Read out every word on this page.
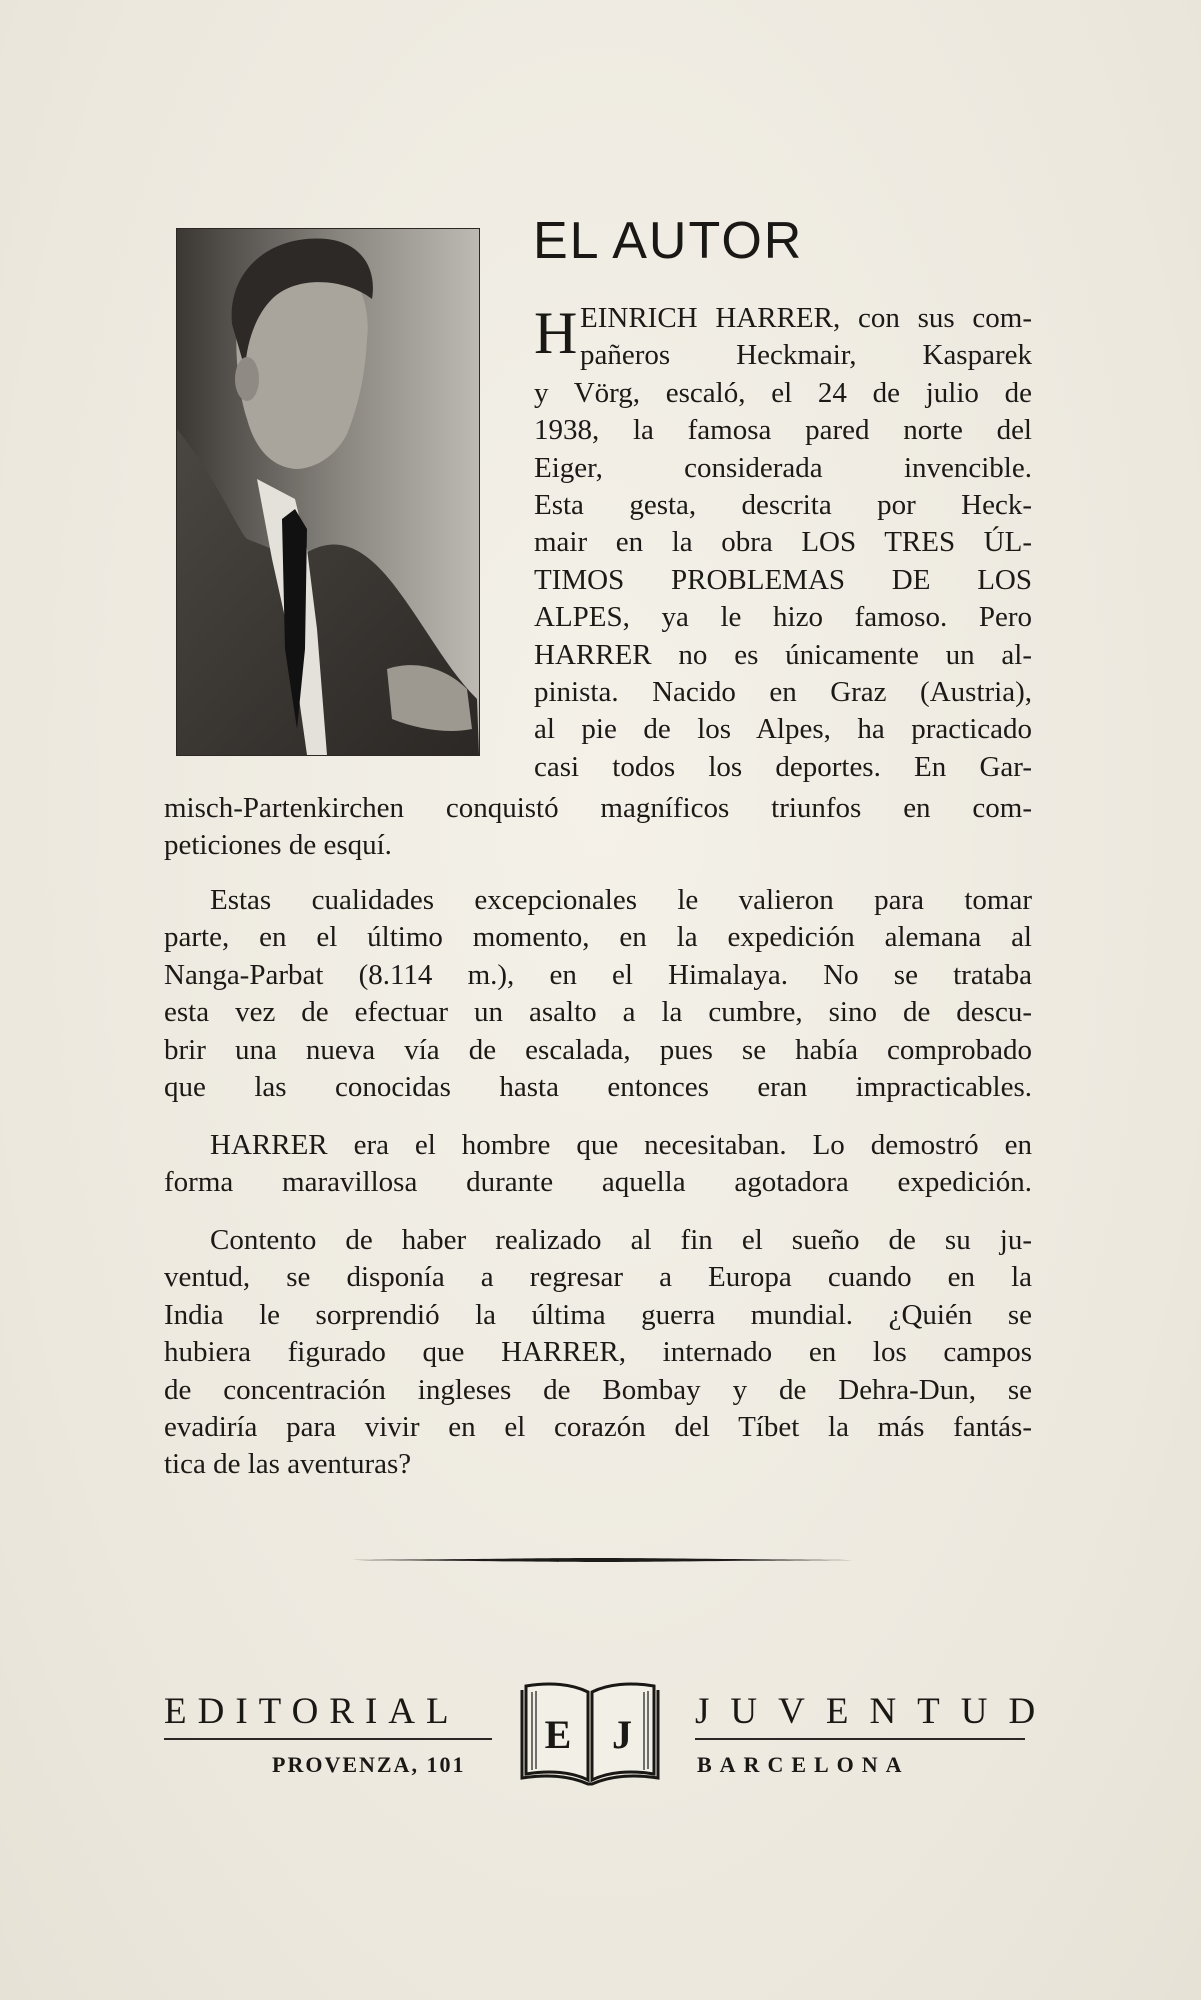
EL AUTOR
H EINRICH HARRER, con sus com-
pañeros Heckmair, Kasparek
y Vörg, escaló, el 24 de julio de
1938, la famosa pared norte del
Eiger, considerada invencible.
Esta gesta, descrita por Heck-
mair en la obra LOS TRES ÚL-
TIMOS PROBLEMAS DE LOS
ALPES, ya le hizo famoso. Pero
HARRER no es únicamente un al-
pinista. Nacido en Graz (Austria),
al pie de los Alpes, ha practicado
casi todos los deportes. En Gar-
misch-Partenkirchen conquistó magníficos triunfos en com-
peticiones de esquí.
Estas cualidades excepcionales le valieron para tomar
parte, en el último momento, en la expedición alemana al
Nanga-Parbat (8.114 m.), en el Himalaya. No se trataba
esta vez de efectuar un asalto a la cumbre, sino de descu-
brir una nueva vía de escalada, pues se había comprobado
que las conocidas hasta entonces eran impracticables.
HARRER era el hombre que necesitaban. Lo demostró en
forma maravillosa durante aquella agotadora expedición.
Contento de haber realizado al fin el sueño de su ju-
ventud, se disponía a regresar a Europa cuando en la
India le sorprendió la última guerra mundial. ¿Quién se
hubiera figurado que HARRER, internado en los campos
de concentración ingleses de Bombay y de Dehra-Dun, se
evadiría para vivir en el corazón del Tíbet la más fantás-
tica de las aventuras?
EDITORIAL
PROVENZA, 101
E J
JUVENTUD
BARCELONA
